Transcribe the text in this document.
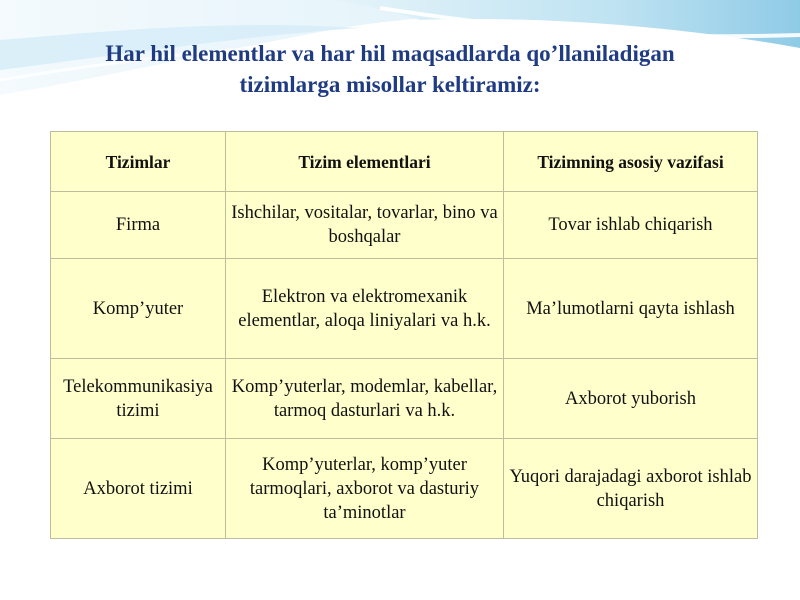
Har hil elementlar va har hil maqsadlarda qo’llaniladigan
tizimlarga misollar keltiramiz:
Tizimlar	Tizim elementlari	Tizimning asosiy vazifasi
Firma	Ishchilar, vositalar, tovarlar, bino va boshqalar	Tovar ishlab chiqarish
Komp’yuter	Elektron va elektromexanik elementlar, aloqa liniyalari va h.k.	Ma’lumotlarni qayta ishlash
Telekommunikasiya tizimi	Komp’yuterlar, modemlar, kabellar, tarmoq dasturlari va h.k.	Axborot yuborish
Axborot tizimi	Komp’yuterlar, komp’yuter tarmoqlari, axborot va dasturiy ta’minotlar	Yuqori darajadagi axborot ishlab chiqarish
